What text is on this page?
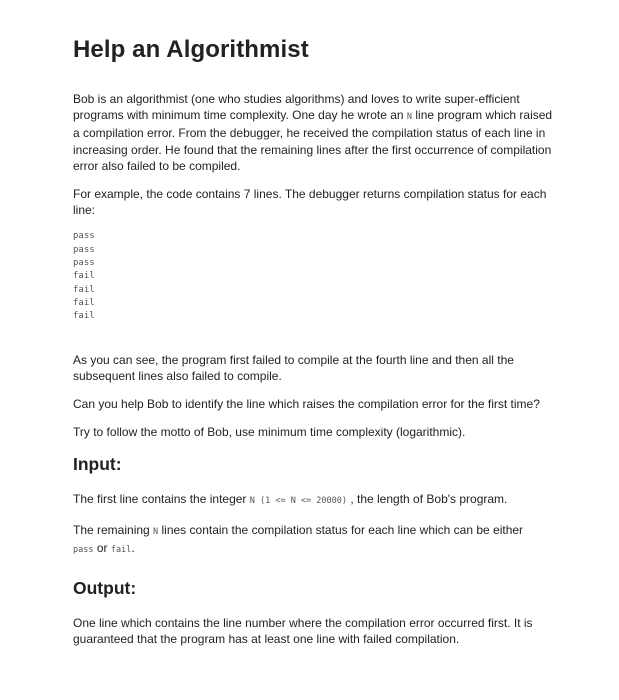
Help an Algorithmist

Bob is an algorithmist (one who studies algorithms) and loves to write super-efficient programs with minimum time complexity. One day he wrote an N line program which raised a compilation error. From the debugger, he received the compilation status of each line in increasing order. He found that the remaining lines after the first occurrence of compilation error also failed to be compiled.

For example, the code contains 7 lines. The debugger returns compilation status for each line:

pass
pass
pass
fail
fail
fail
fail

As you can see, the program first failed to compile at the fourth line and then all the subsequent lines also failed to compile.

Can you help Bob to identify the line which raises the compilation error for the first time?

Try to follow the motto of Bob, use minimum time complexity (logarithmic).

Input:

The first line contains the integer N (1 <= N <= 20000) , the length of Bob's program.

The remaining N lines contain the compilation status for each line which can be either
pass or fail.

Output:

One line which contains the line number where the compilation error occurred first. It is guaranteed that the program has at least one line with failed compilation.
